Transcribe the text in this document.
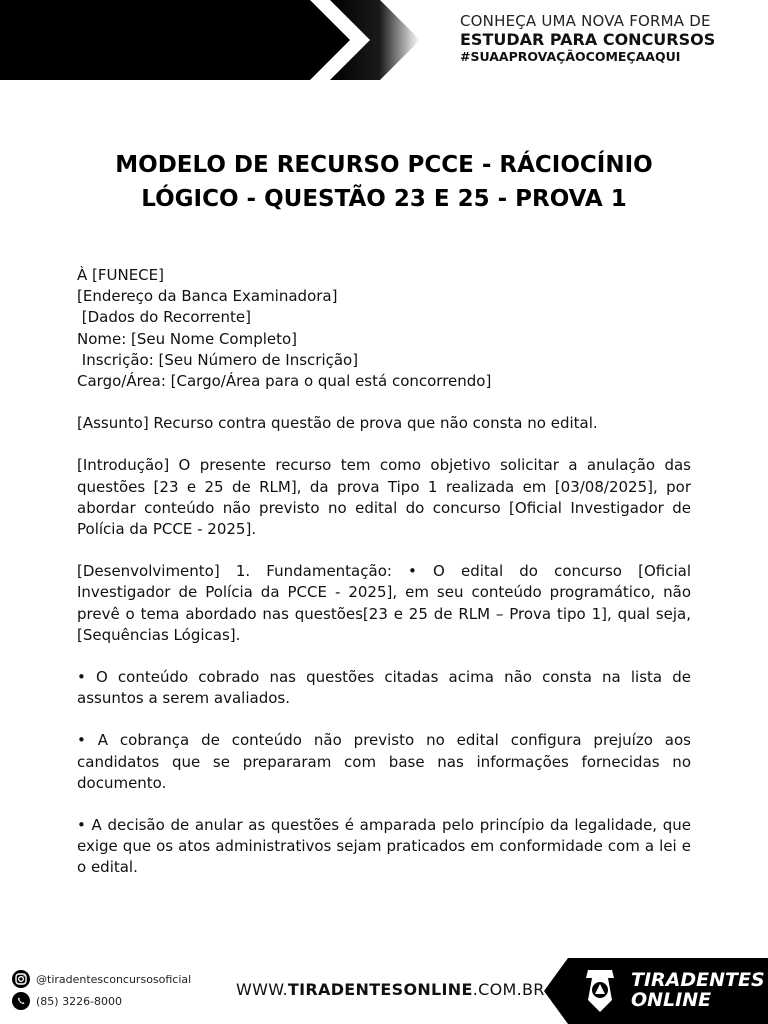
CONHEÇA UMA NOVA FORMA DE
ESTUDAR PARA CONCURSOS
#SUAAPROVAÇÃOCOMEÇAAQUI
MODELO DE RECURSO PCCE - RÁCIOCÍNIO
LÓGICO - QUESTÃO 23 E 25 - PROVA 1
À [FUNECE]
[Endereço da Banca Examinadora]
[Dados do Recorrente]
Nome: [Seu Nome Completo]
Inscrição: [Seu Número de Inscrição]
Cargo/Área: [Cargo/Área para o qual está concorrendo]
[Assunto] Recurso contra questão de prova que não consta no edital.
[Introdução] O presente recurso tem como objetivo solicitar a anulação das questões [23 e 25 de RLM], da prova Tipo 1 realizada em [03/08/2025], por abordar conteúdo não previsto no edital do concurso [Oficial Investigador de Polícia da PCCE - 2025].
[Desenvolvimento] 1. Fundamentação: • O edital do concurso [Oficial Investigador de Polícia da PCCE - 2025], em seu conteúdo programático, não prevê o tema abordado nas questões[23 e 25 de RLM – Prova tipo 1], qual seja, [Sequências Lógicas].
• O conteúdo cobrado nas questões citadas acima não consta na lista de assuntos a serem avaliados.
• A cobrança de conteúdo não previsto no edital configura prejuízo aos candidatos que se prepararam com base nas informações fornecidas no documento.
• A decisão de anular as questões é amparada pelo princípio da legalidade, que exige que os atos administrativos sejam praticados em conformidade com a lei e o edital.
@tiradentesconcursosoficial
(85) 3226-8000
WWW.TIRADENTESONLINE.COM.BR	TIRADENTES
ONLINE
